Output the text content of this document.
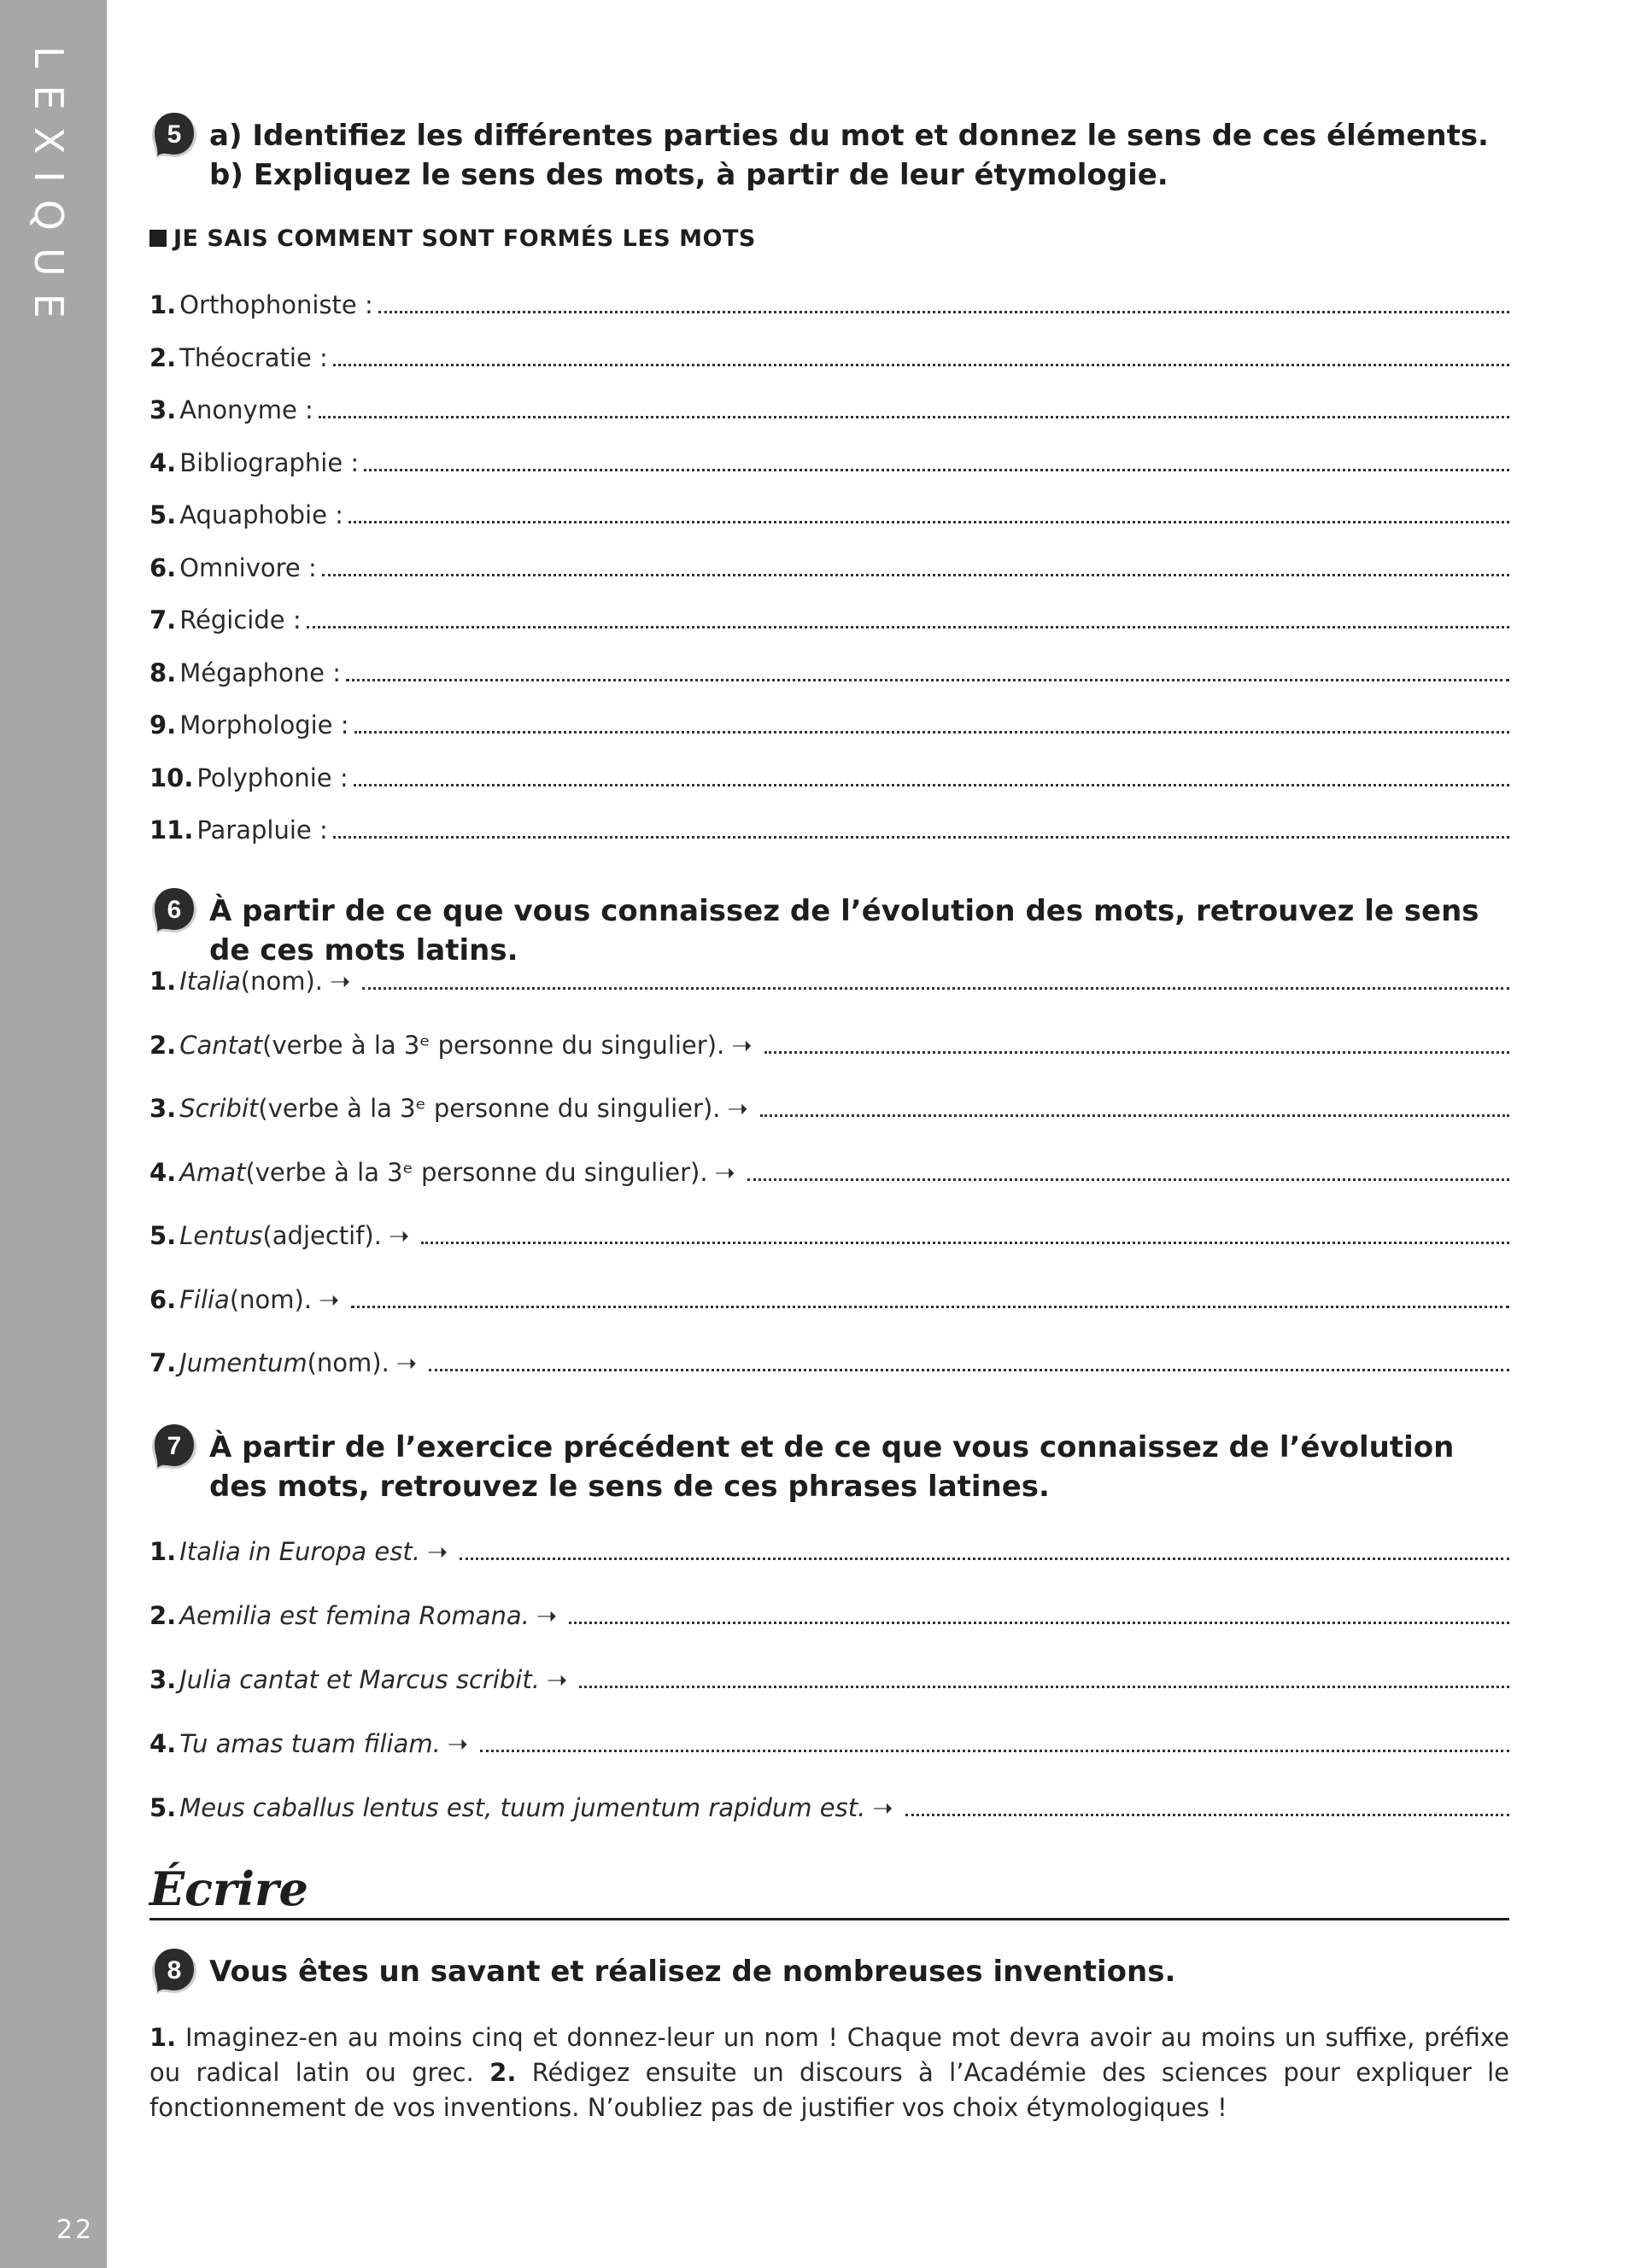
LEXIQUE
22
5 a) Identifiez les différentes parties du mot et donnez le sens de ces éléments. b) Expliquez le sens des mots, à partir de leur étymologie.
JE SAIS COMMENT SONT FORMÉS LES MOTS
1. Orthophoniste :
2. Théocratie :
3. Anonyme :
4. Bibliographie :
5. Aquaphobie :
6. Omnivore :
7. Régicide :
8. Mégaphone :
9. Morphologie :
10. Polyphonie :
11. Parapluie :
6 À partir de ce que vous connaissez de l’évolution des mots, retrouvez le sens de ces mots latins.
1. Italia (nom). ➝
2. Cantat (verbe à la 3ᵉ personne du singulier). ➝
3. Scribit (verbe à la 3ᵉ personne du singulier). ➝
4. Amat (verbe à la 3ᵉ personne du singulier). ➝
5. Lentus (adjectif). ➝
6. Filia (nom). ➝
7. Jumentum (nom). ➝
7 À partir de l’exercice précédent et de ce que vous connaissez de l’évolution des mots, retrouvez le sens de ces phrases latines.
1. Italia in Europa est. ➝
2. Aemilia est femina Romana. ➝
3. Julia cantat et Marcus scribit. ➝
4. Tu amas tuam filiam. ➝
5. Meus caballus lentus est, tuum jumentum rapidum est. ➝
Écrire
8 Vous êtes un savant et réalisez de nombreuses inventions.
1. Imaginez-en au moins cinq et donnez-leur un nom ! Chaque mot devra avoir au moins un suffixe, préfixe ou radical latin ou grec. 2. Rédigez ensuite un discours à l’Académie des sciences pour expliquer le fonctionnement de vos inventions. N’oubliez pas de justifier vos choix étymologiques !
